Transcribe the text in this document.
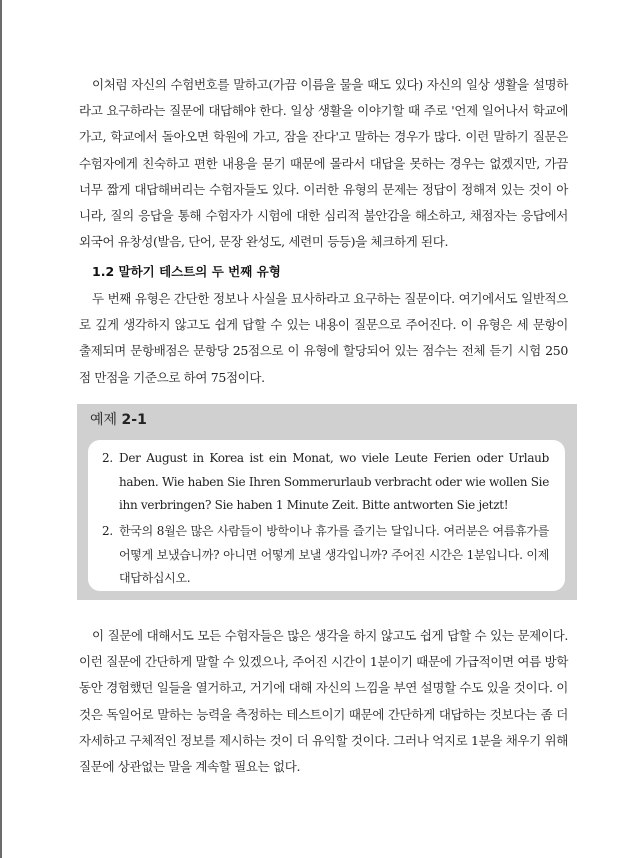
이처럼 자신의 수험번호를 말하고(가끔 이름을 물을 때도 있다) 자신의 일상 생활을 설명하라고 요구하라는 질문에 대답해야 한다. 일상 생활을 이야기할 때 주로 '언제 일어나서 학교에 가고, 학교에서 돌아오면 학원에 가고, 잠을 잔다'고 말하는 경우가 많다. 이런 말하기 질문은 수험자에게 친숙하고 편한 내용을 묻기 때문에 몰라서 대답을 못하는 경우는 없겠지만, 가끔 너무 짧게 대답해버리는 수험자들도 있다. 이러한 유형의 문제는 정답이 정해져 있는 것이 아니라, 질의 응답을 통해 수험자가 시험에 대한 심리적 불안감을 해소하고, 채점자는 응답에서 외국어 유창성(발음, 단어, 문장 완성도, 세련미 등등)을 체크하게 된다.

1.2 말하기 테스트의 두 번째 유형

두 번째 유형은 간단한 정보나 사실을 묘사하라고 요구하는 질문이다. 여기에서도 일반적으로 깊게 생각하지 않고도 쉽게 답할 수 있는 내용이 질문으로 주어진다. 이 유형은 세 문항이 출제되며 문항배점은 문항당 25점으로 이 유형에 할당되어 있는 점수는 전체 듣기 시험 250점 만점을 기준으로 하여 75점이다.

예제 2-1

2. Der August in Korea ist ein Monat, wo viele Leute Ferien oder Urlaub haben. Wie haben Sie Ihren Sommerurlaub verbracht oder wie wollen Sie ihn verbringen? Sie haben 1 Minute Zeit. Bitte antworten Sie jetzt!

2. 한국의 8월은 많은 사람들이 방학이나 휴가를 즐기는 달입니다. 여러분은 여름휴가를 어떻게 보냈습니까? 아니면 어떻게 보낼 생각입니까? 주어진 시간은 1분입니다. 이제 대답하십시오.

이 질문에 대해서도 모든 수험자들은 많은 생각을 하지 않고도 쉽게 답할 수 있는 문제이다. 이런 질문에 간단하게 말할 수 있겠으나, 주어진 시간이 1분이기 때문에 가급적이면 여름 방학 동안 경험했던 일들을 열거하고, 거기에 대해 자신의 느낌을 부연 설명할 수도 있을 것이다. 이것은 독일어로 말하는 능력을 측정하는 테스트이기 때문에 간단하게 대답하는 것보다는 좀 더 자세하고 구체적인 정보를 제시하는 것이 더 유익할 것이다. 그러나 억지로 1분을 채우기 위해 질문에 상관없는 말을 계속할 필요는 없다.
